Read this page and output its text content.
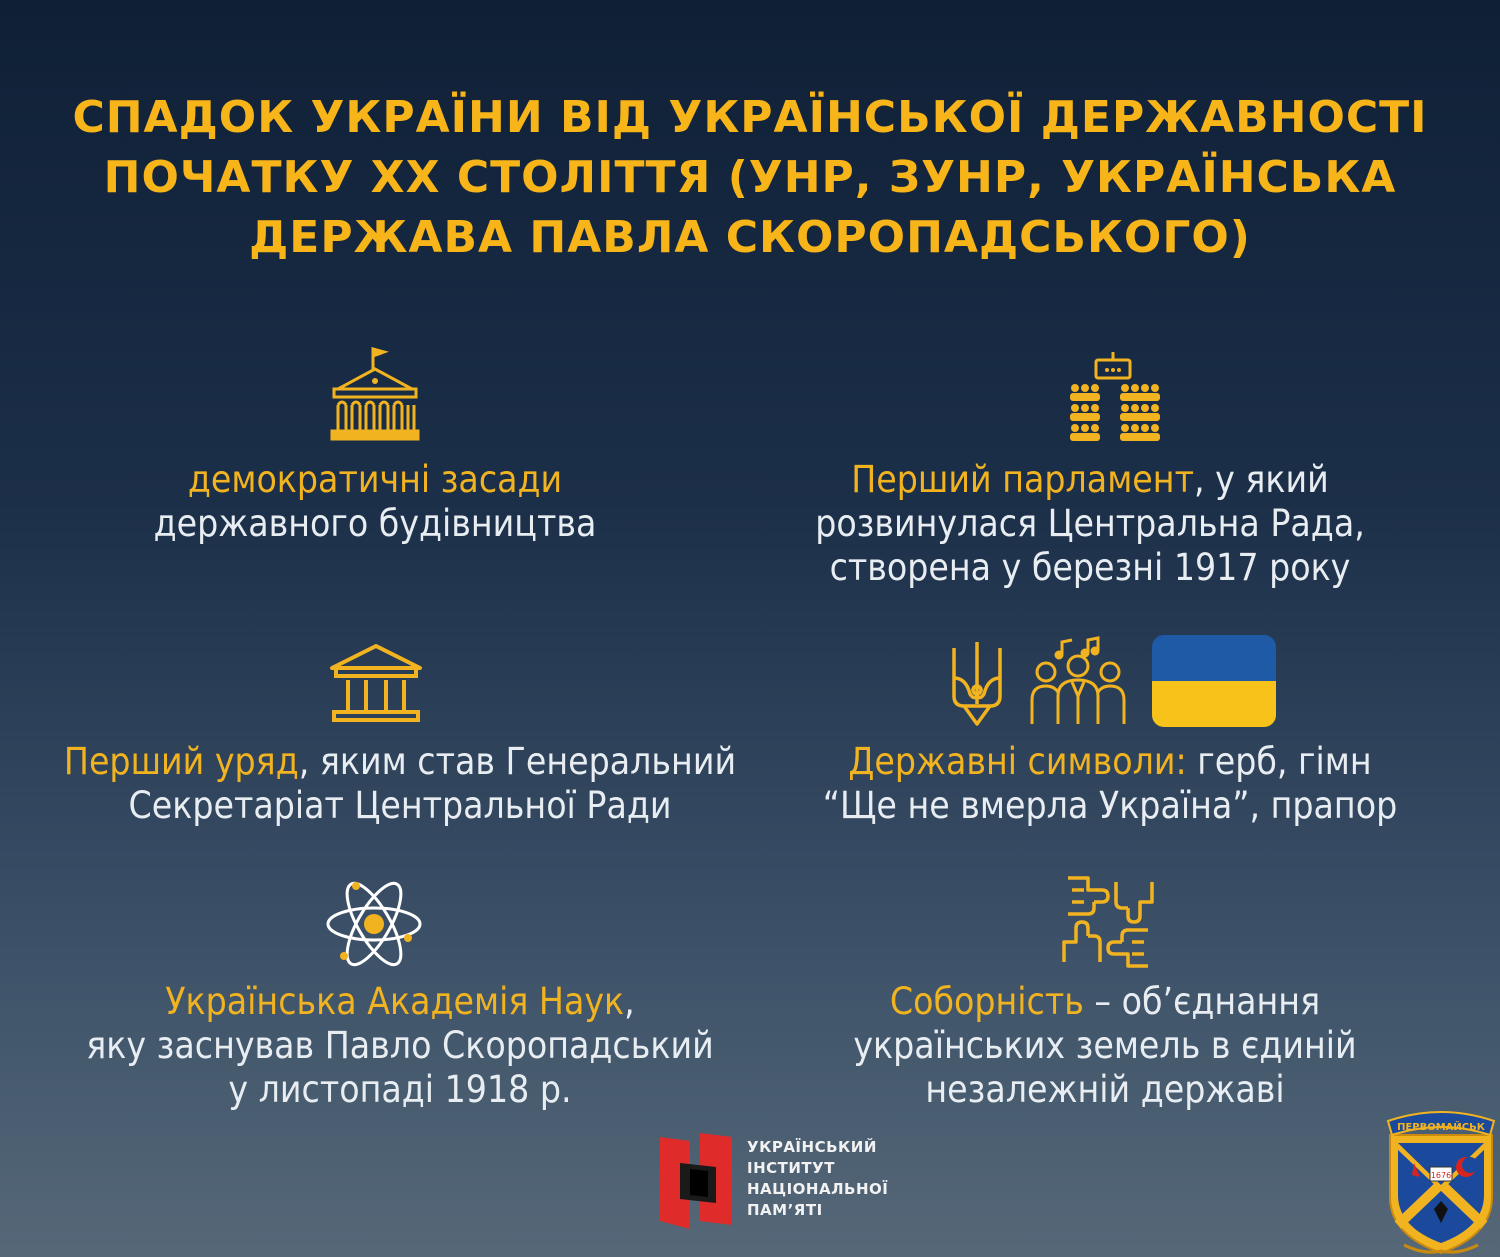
СПАДОК УКРАЇНИ ВІД УКРАЇНСЬКОЇ ДЕРЖАВНОСТІ
ПОЧАТКУ ХХ СТОЛІТТЯ (УНР, ЗУНР, УКРАЇНСЬКА
ДЕРЖАВА ПАВЛА СКОРОПАДСЬКОГО)

демократичні засади
державного будівництва

Перший парламент, у який
розвинулася Центральна Рада,
створена у березні 1917 року

Перший уряд, яким став Генеральний
Секретаріат Центральної Ради

Державні символи: герб, гімн
“Ще не вмерла Україна”, прапор

Українська Академія Наук,
яку заснував Павло Скоропадський
у листопаді 1918 р.

Соборність – об’єднання
українських земель в єдиній
незалежній державі

УКРАЇНСЬКИЙ
ІНСТИТУТ
НАЦІОНАЛЬНОЇ
ПАМ’ЯТІ

1676
ПЕРВОМАЙСЬК
